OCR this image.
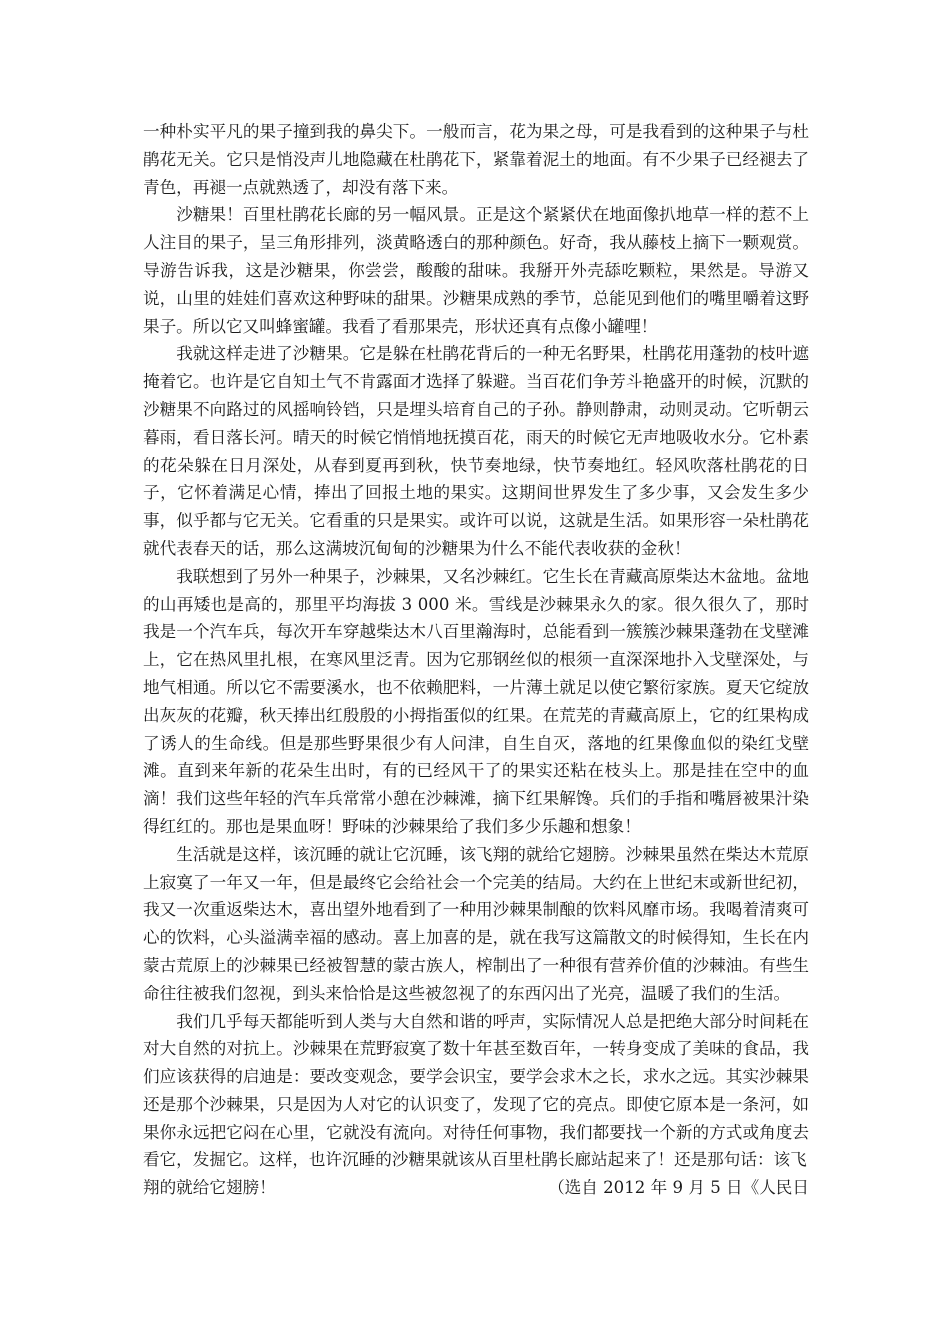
一种朴实平凡的果子撞到我的鼻尖下。一般而言，花为果之母，可是我看到的这种果子与杜鹃花无关。它只是悄没声儿地隐藏在杜鹃花下，紧靠着泥土的地面。有不少果子已经褪去了青色，再褪一点就熟透了，却没有落下来。

沙糖果！百里杜鹃花长廊的另一幅风景。正是这个紧紧伏在地面像扒地草一样的惹不上人注目的果子，呈三角形排列，淡黄略透白的那种颜色。好奇，我从藤枝上摘下一颗观赏。导游告诉我，这是沙糖果，你尝尝，酸酸的甜味。我掰开外壳舔吃颗粒，果然是。导游又说，山里的娃娃们喜欢这种野味的甜果。沙糖果成熟的季节，总能见到他们的嘴里嚼着这野果子。所以它又叫蜂蜜罐。我看了看那果壳，形状还真有点像小罐哩！

我就这样走进了沙糖果。它是躲在杜鹃花背后的一种无名野果，杜鹃花用蓬勃的枝叶遮掩着它。也许是它自知土气不肯露面才选择了躲避。当百花们争芳斗艳盛开的时候，沉默的沙糖果不向路过的风摇响铃铛，只是埋头培育自己的子孙。静则静肃，动则灵动。它听朝云暮雨，看日落长河。晴天的时候它悄悄地抚摸百花，雨天的时候它无声地吸收水分。它朴素的花朵躲在日月深处，从春到夏再到秋，快节奏地绿，快节奏地红。轻风吹落杜鹃花的日子，它怀着满足心情，捧出了回报土地的果实。这期间世界发生了多少事，又会发生多少事，似乎都与它无关。它看重的只是果实。或许可以说，这就是生活。如果形容一朵杜鹃花就代表春天的话，那么这满坡沉甸甸的沙糖果为什么不能代表收获的金秋！

我联想到了另外一种果子，沙棘果，又名沙棘红。它生长在青藏高原柴达木盆地。盆地的山再矮也是高的，那里平均海拔 3 000 米。雪线是沙棘果永久的家。很久很久了，那时我是一个汽车兵，每次开车穿越柴达木八百里瀚海时，总能看到一簇簇沙棘果蓬勃在戈壁滩上，它在热风里扎根，在寒风里泛青。因为它那钢丝似的根须一直深深地扑入戈壁深处，与地气相通。所以它不需要溪水，也不依赖肥料，一片薄土就足以使它繁衍家族。夏天它绽放出灰灰的花瓣，秋天捧出红殷殷的小拇指蛋似的红果。在荒芜的青藏高原上，它的红果构成了诱人的生命线。但是那些野果很少有人问津，自生自灭，落地的红果像血似的染红戈壁滩。直到来年新的花朵生出时，有的已经风干了的果实还粘在枝头上。那是挂在空中的血滴！我们这些年轻的汽车兵常常小憩在沙棘滩，摘下红果解馋。兵们的手指和嘴唇被果汁染得红红的。那也是果血呀！野味的沙棘果给了我们多少乐趣和想象！

生活就是这样，该沉睡的就让它沉睡，该飞翔的就给它翅膀。沙棘果虽然在柴达木荒原上寂寞了一年又一年，但是最终它会给社会一个完美的结局。大约在上世纪末或新世纪初，我又一次重返柴达木，喜出望外地看到了一种用沙棘果制酿的饮料风靡市场。我喝着清爽可心的饮料，心头溢满幸福的感动。喜上加喜的是，就在我写这篇散文的时候得知，生长在内蒙古荒原上的沙棘果已经被智慧的蒙古族人，榨制出了一种很有营养价值的沙棘油。有些生命往往被我们忽视，到头来恰恰是这些被忽视了的东西闪出了光亮，温暖了我们的生活。

我们几乎每天都能听到人类与大自然和谐的呼声，实际情况人总是把绝大部分时间耗在对大自然的对抗上。沙棘果在荒野寂寞了数十年甚至数百年，一转身变成了美味的食品，我们应该获得的启迪是：要改变观念，要学会识宝，要学会求木之长，求水之远。其实沙棘果还是那个沙棘果，只是因为人对它的认识变了，发现了它的亮点。即使它原本是一条河，如果你永远把它闷在心里，它就没有流向。对待任何事物，我们都要找一个新的方式或角度去看它，发掘它。这样，也许沉睡的沙糖果就该从百里杜鹃长廊站起来了！还是那句话：该飞

翔的就给它翅膀！	（选自 2012 年 9 月 5 日《人民日
